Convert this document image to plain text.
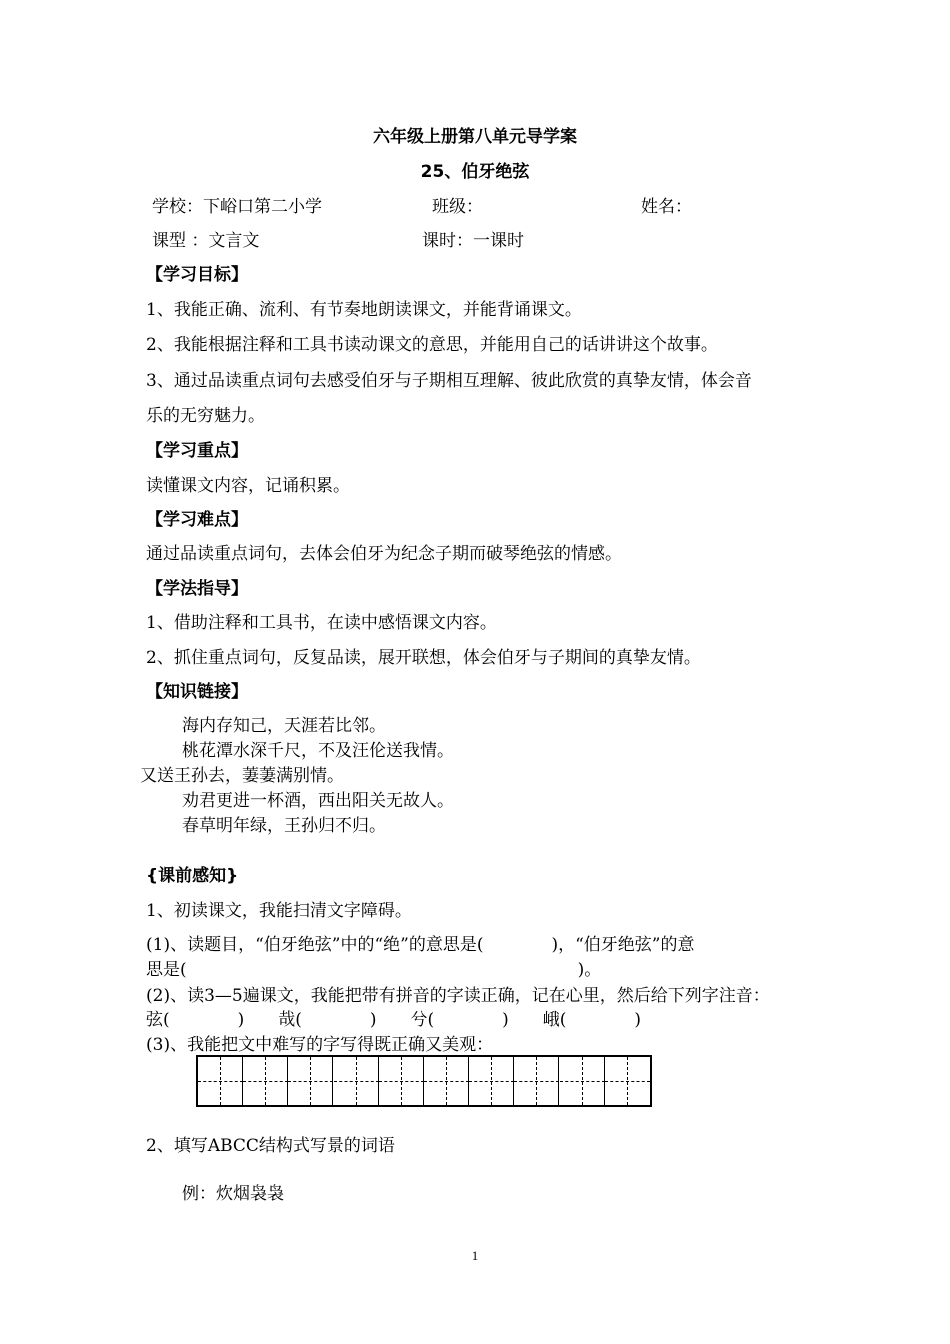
六年级上册第八单元导学案
25、伯牙绝弦
学校：下峪口第二小学	班级：	姓名：
课型 ：文言文	课时：一课时
【学习目标】
1、我能正确、流利、有节奏地朗读课文，并能背诵课文。
2、我能根据注释和工具书读动课文的意思，并能用自己的话讲讲这个故事。
3、通过品读重点词句去感受伯牙与子期相互理解、彼此欣赏的真挚友情，体会音
乐的无穷魅力。
【学习重点】
读懂课文内容，记诵积累。
【学习难点】
通过品读重点词句，去体会伯牙为纪念子期而破琴绝弦的情感。
【学法指导】
1、借助注释和工具书，在读中感悟课文内容。
2、抓住重点词句，反复品读，展开联想，体会伯牙与子期间的真挚友情。
【知识链接】
海内存知己，天涯若比邻。
桃花潭水深千尺，不及汪伦送我情。
又送王孙去，萋萋满别情。
劝君更进一杯酒，西出阳关无故人。
春草明年绿，王孙归不归。
{课前感知}
1、初读课文，我能扫清文字障碍。
(1)、读题目，“伯牙绝弦”中的“绝”的意思是(　　　　)，“伯牙绝弦”的意
思是(　　　　　　　　　　　　　　　　　　　　　　　)。
(2)、读3—5遍课文，我能把带有拼音的字读正确，记在心里，然后给下列字注音：
弦(　　　　)　　哉(　　　　)　　兮(　　　　)　　峨(　　　　)
(3)、我能把文中难写的字写得既正确又美观：
2、填写ABCC结构式写景的词语
例：炊烟袅袅
1
